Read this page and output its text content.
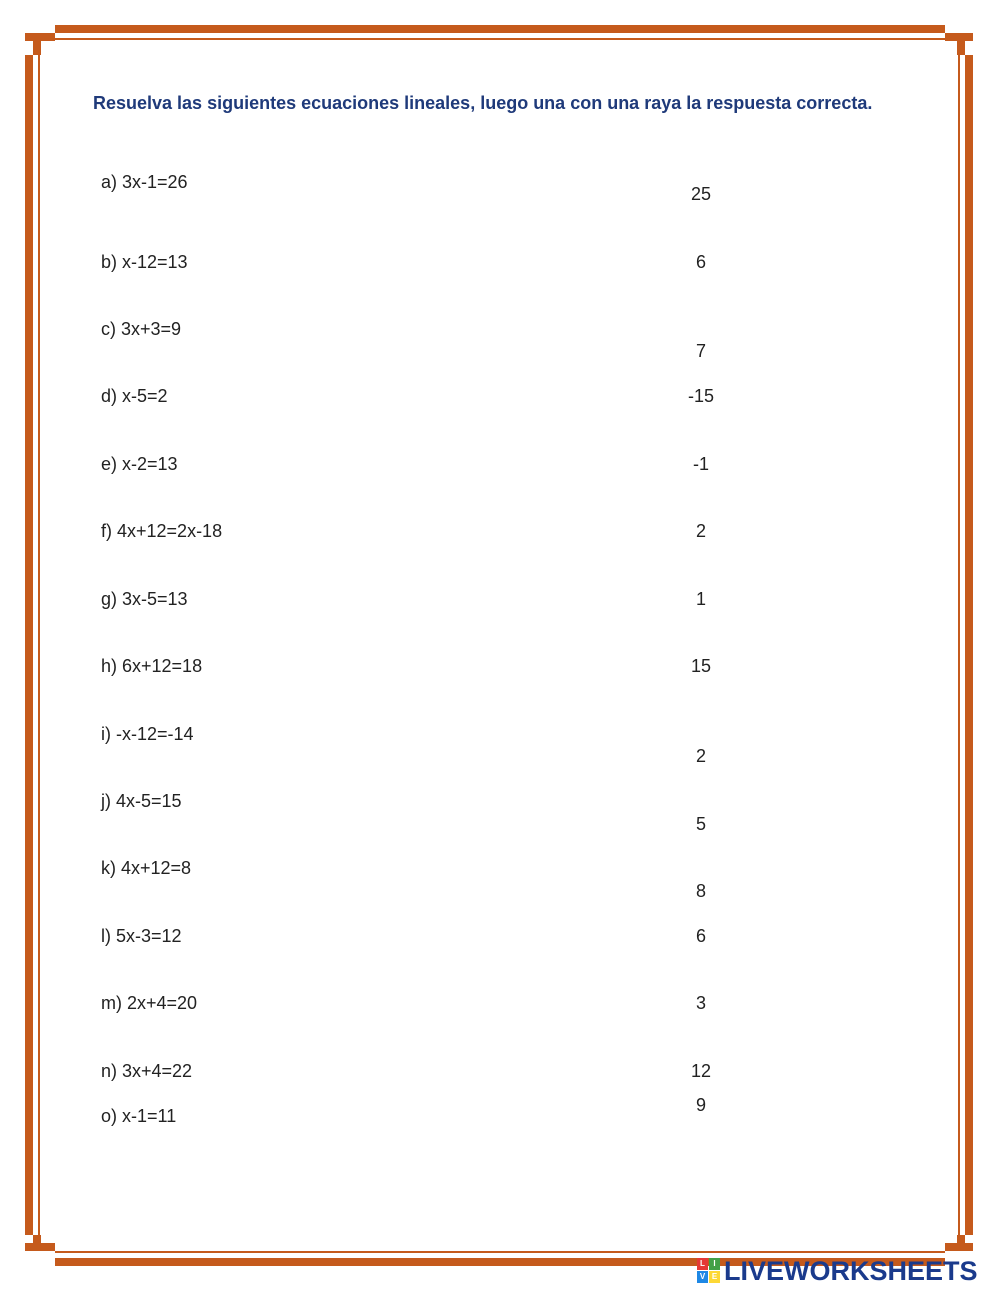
Resuelva las siguientes ecuaciones lineales, luego una con una raya la respuesta correcta.
a) 3x-1=26
b) x-12=13
c) 3x+3=9
d) x-5=2
e) x-2=13
f) 4x+12=2x-18
g) 3x-5=13
h) 6x+12=18
i) -x-12=-14
j) 4x-5=15
k) 4x+12=8
l) 5x-3=12
m) 2x+4=20
n) 3x+4=22
o) x-1=11
25
6
7
-15
-1
2
1
15
2
5
8
6
3
12
9
L	I
V E LIVEWORKSHEETS
